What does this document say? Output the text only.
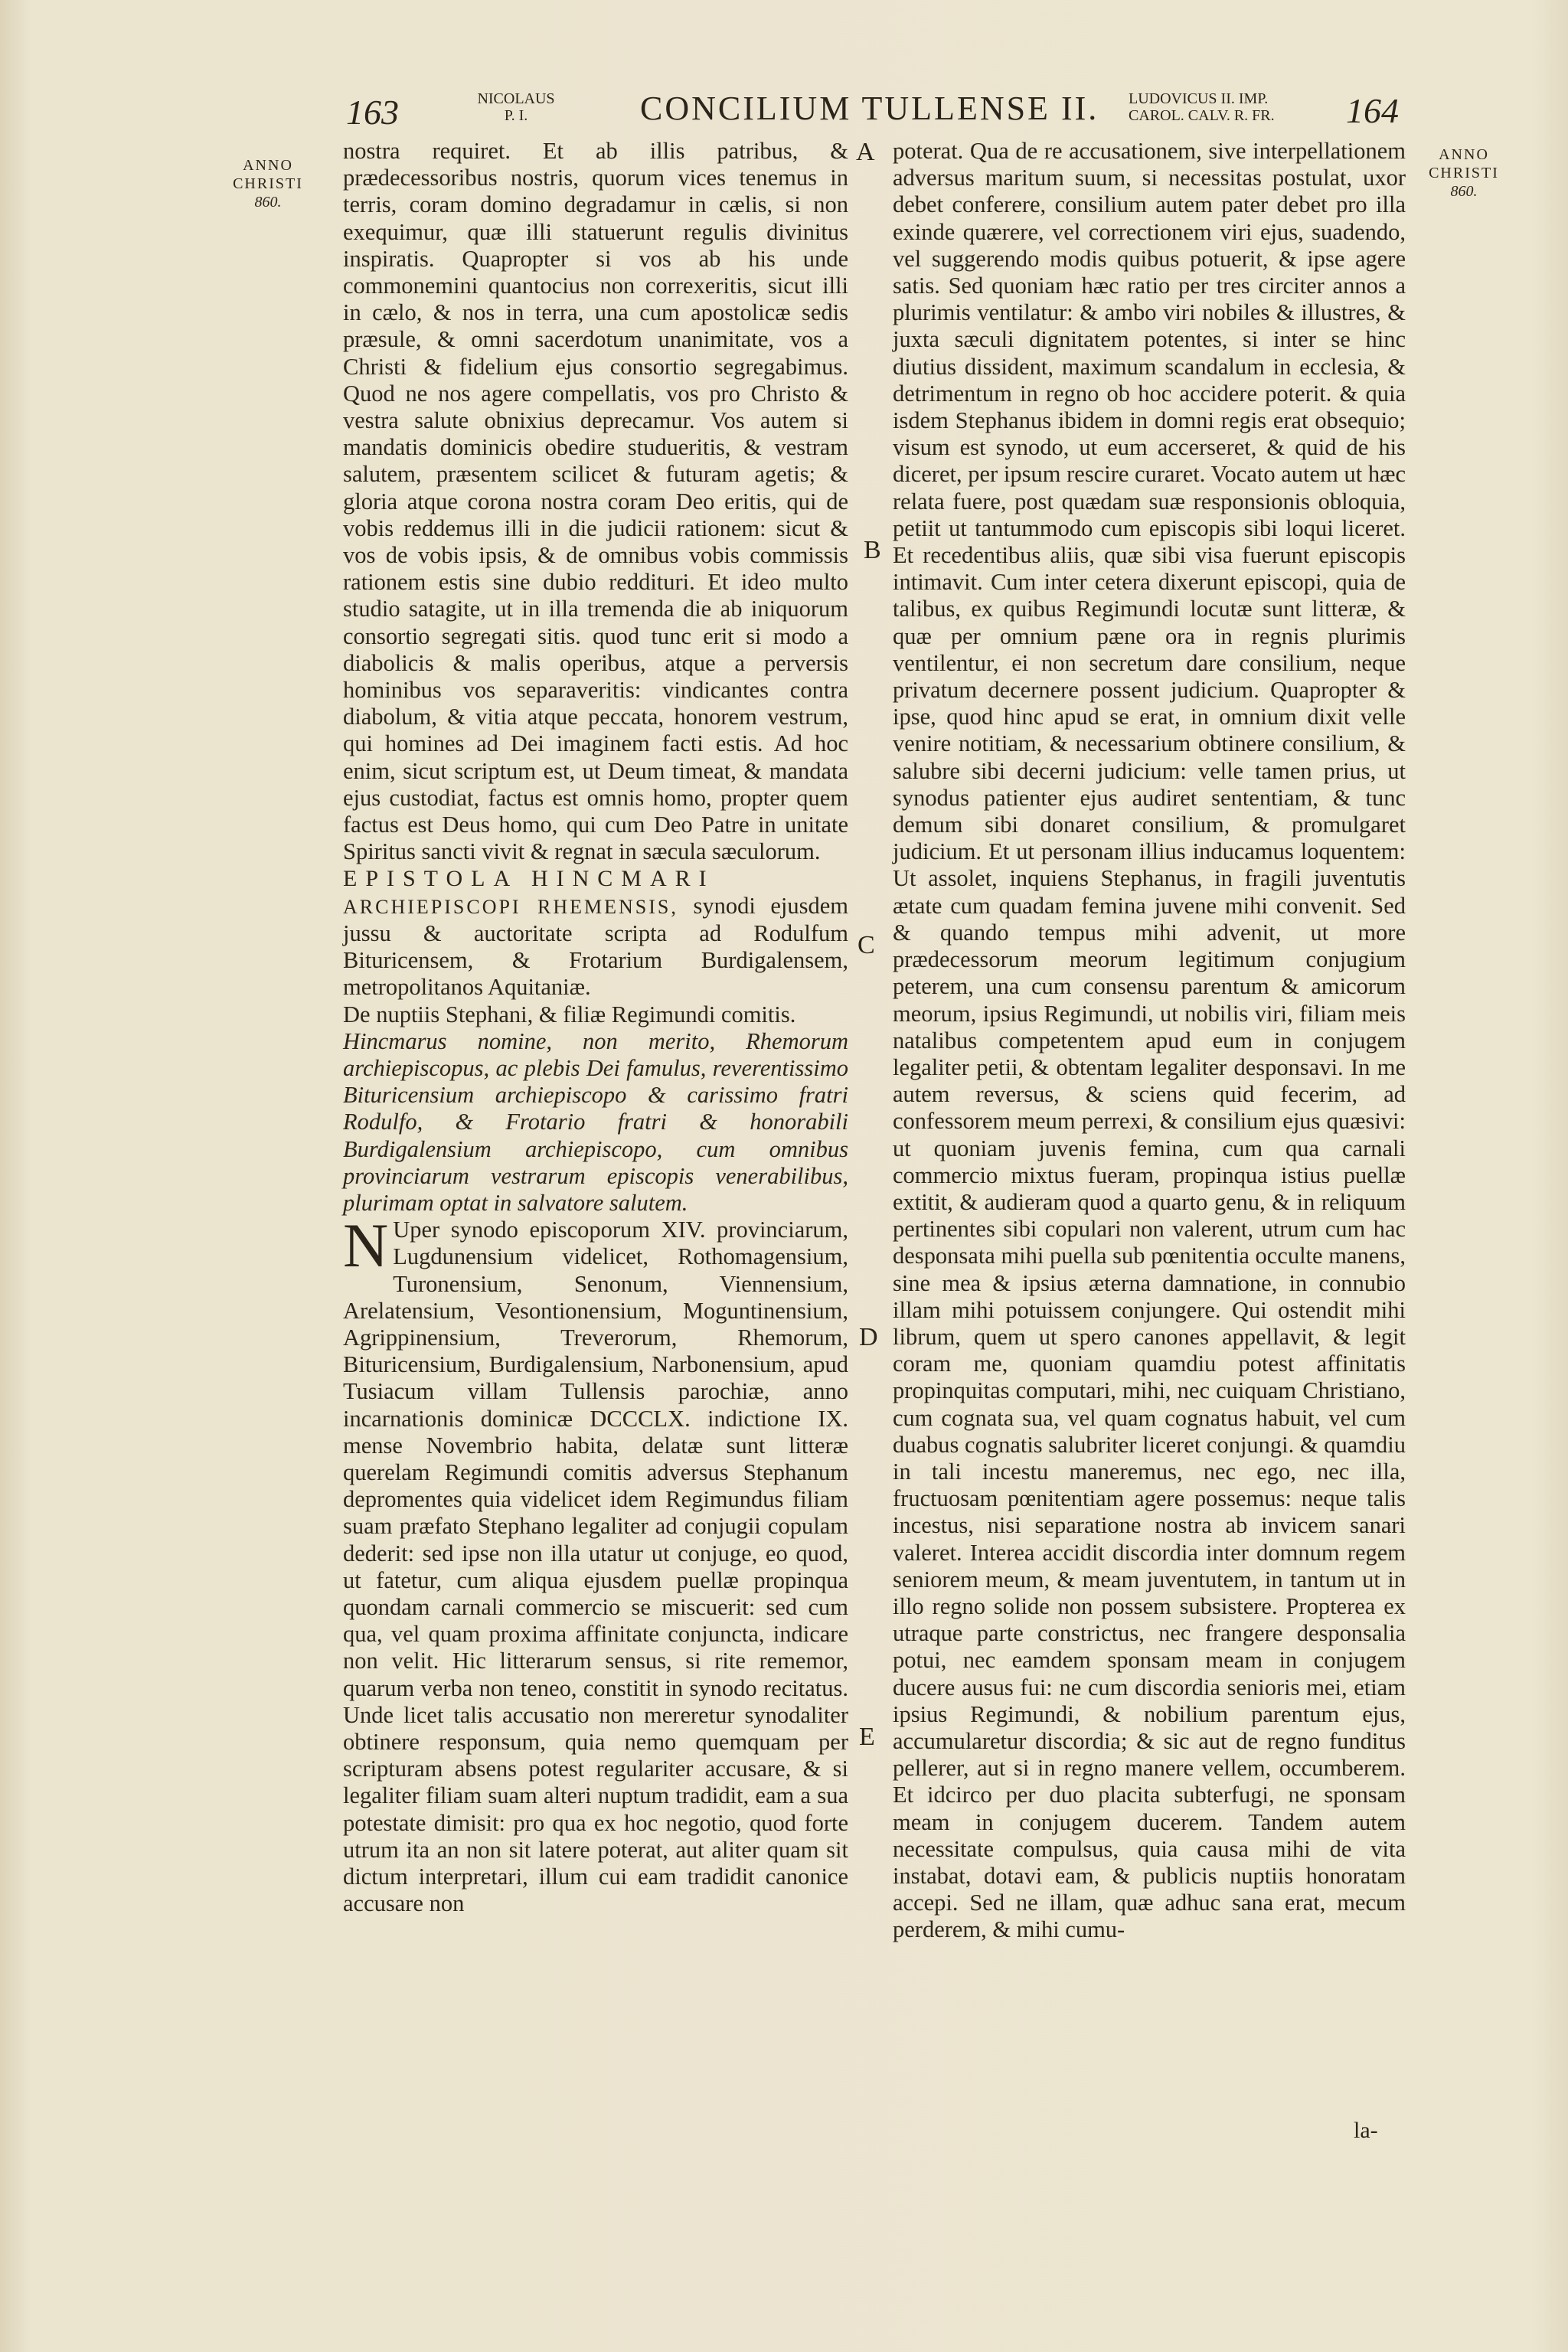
163	NICOLAUS
P. I.	CONCILIUM TULLENSE II. LUDOVICUS II. IMP.
CAROL. CALV. R. FR. 164
ANNO
CHRISTI
860.
ANNO
CHRISTI
860.
A
B
C
D
E

nostra requiret. Et ab illis patribus, & prædecessoribus nostris, quorum vices tenemus in terris, coram domino degradamur in cælis, si non exequimur, quæ illi statuerunt regulis divinitus inspiratis. Quapropter si vos ab his unde commonemini quantocius non correxeritis, sicut illi in cælo, & nos in terra, una cum apostolicæ sedis præsule, & omni sacerdotum unanimitate, vos a Christi & fidelium ejus consortio segregabimus. Quod ne nos agere compellatis, vos pro Christo & vestra salute obnixius deprecamur. Vos autem si mandatis dominicis obedire studueritis, & vestram salutem, præsentem scilicet & futuram agetis; & gloria atque corona nostra coram Deo eritis, qui de vobis reddemus illi in die judicii rationem: sicut & vos de vobis ipsis, & de omnibus vobis commissis rationem estis sine dubio reddituri. Et ideo multo studio satagite, ut in illa tremenda die ab iniquorum consortio segregati sitis. quod tunc erit si modo a diabolicis & malis operibus, atque a perversis hominibus vos separaveritis: vindicantes contra diabolum, & vitia atque peccata, honorem vestrum, qui homines ad Dei imaginem facti estis. Ad hoc enim, sicut scriptum est, ut Deum timeat, & mandata ejus custodiat, factus est omnis homo, propter quem factus est Deus homo, qui cum Deo Patre in unitate Spiritus sancti vivit & regnat in sæcula sæculorum.

EPISTOLA HINCMARI

ARCHIEPISCOPI RHEMENSIS, synodi ejusdem jussu & auctoritate scripta ad Rodulfum Bituricensem, & Frotarium Burdigalensem, metropolitanos Aquitaniæ.

De nuptiis Stephani, & filiæ Regimundi comitis.

Hincmarus nomine, non merito, Rhemorum archiepiscopus, ac plebis Dei famulus, reverentissimo Bituricensium archiepiscopo & carissimo fratri Rodulfo, & Frotario fratri & honorabili Burdigalensium archiepiscopo, cum omnibus provinciarum vestrarum episcopis venerabilibus, plurimam optat in salvatore salutem.

N Uper synodo episcoporum XIV. provinciarum, Lugdunensium videlicet, Rothomagensium, Turonensium, Senonum, Viennensium, Arelatensium, Vesontionensium, Moguntinensium, Agrippinensium, Treverorum, Rhemorum, Bituricensium, Burdigalensium, Narbonensium, apud Tusiacum villam Tullensis parochiæ, anno incarnationis dominicæ DCCCLX. indictione IX. mense Novembrio habita, delatæ sunt litteræ querelam Regimundi comitis adversus Stephanum depromentes quia videlicet idem Regimundus filiam suam præfato Stephano legaliter ad conjugii copulam dederit: sed ipse non illa utatur ut conjuge, eo quod, ut fatetur, cum aliqua ejusdem puellæ propinqua quondam carnali commercio se miscuerit: sed cum qua, vel quam proxima affinitate conjuncta, indicare non velit. Hic litterarum sensus, si rite rememor, quarum verba non teneo, constitit in synodo recitatus. Unde licet talis accusatio non mereretur synodaliter obtinere responsum, quia nemo quemquam per scripturam absens potest regulariter accusare, & si legaliter filiam suam alteri nuptum tradidit, eam a sua potestate dimisit: pro qua ex hoc negotio, quod forte utrum ita an non sit latere poterat, aut aliter quam sit dictum interpretari, illum cui eam tradidit canonice accusare non

poterat. Qua de re accusationem, sive interpellationem adversus maritum suum, si necessitas postulat, uxor debet conferere, consilium autem pater debet pro illa exinde quærere, vel correctionem viri ejus, suadendo, vel suggerendo modis quibus potuerit, & ipse agere satis. Sed quoniam hæc ratio per tres circiter annos a plurimis ventilatur: & ambo viri nobiles & illustres, & juxta sæculi dignitatem potentes, si inter se hinc diutius dissident, maximum scandalum in ecclesia, & detrimentum in regno ob hoc accidere poterit. & quia isdem Stephanus ibidem in domni regis erat obsequio; visum est synodo, ut eum accerseret, & quid de his diceret, per ipsum rescire curaret. Vocato autem ut hæc relata fuere, post quædam suæ responsionis obloquia, petiit ut tantummodo cum episcopis sibi loqui liceret. Et recedentibus aliis, quæ sibi visa fuerunt episcopis intimavit. Cum inter cetera dixerunt episcopi, quia de talibus, ex quibus Regimundi locutæ sunt litteræ, & quæ per omnium pæne ora in regnis plurimis ventilentur, ei non secretum dare consilium, neque privatum decernere possent judicium. Quapropter & ipse, quod hinc apud se erat, in omnium dixit velle venire notitiam, & necessarium obtinere consilium, & salubre sibi decerni judicium: velle tamen prius, ut synodus patienter ejus audiret sententiam, & tunc demum sibi donaret consilium, & promulgaret judicium. Et ut personam illius inducamus loquentem: Ut assolet, inquiens Stephanus, in fragili juventutis ætate cum quadam femina juvene mihi convenit. Sed & quando tempus mihi advenit, ut more prædecessorum meorum legitimum conjugium peterem, una cum consensu parentum & amicorum meorum, ipsius Regimundi, ut nobilis viri, filiam meis natalibus competentem apud eum in conjugem legaliter petii, & obtentam legaliter desponsavi. In me autem reversus, & sciens quid fecerim, ad confessorem meum perrexi, & consilium ejus quæsivi: ut quoniam juvenis femina, cum qua carnali commercio mixtus fueram, propinqua istius puellæ extitit, & audieram quod a quarto genu, & in reliquum pertinentes sibi copulari non valerent, utrum cum hac desponsata mihi puella sub pœnitentia occulte manens, sine mea & ipsius æterna damnatione, in connubio illam mihi potuissem conjungere. Qui ostendit mihi librum, quem ut spero canones appellavit, & legit coram me, quoniam quamdiu potest affinitatis propinquitas computari, mihi, nec cuiquam Christiano, cum cognata sua, vel quam cognatus habuit, vel cum duabus cognatis salubriter liceret conjungi. & quamdiu in tali incestu maneremus, nec ego, nec illa, fructuosam pœnitentiam agere possemus: neque talis incestus, nisi separatione nostra ab invicem sanari valeret. Interea accidit discordia inter domnum regem seniorem meum, & meam juventutem, in tantum ut in illo regno solide non possem subsistere. Propterea ex utraque parte constrictus, nec frangere desponsalia potui, nec eamdem sponsam meam in conjugem ducere ausus fui: ne cum discordia senioris mei, etiam ipsius Regimundi, & nobilium parentum ejus, accumularetur discordia; & sic aut de regno funditus pellerer, aut si in regno manere vellem, occumberem. Et idcirco per duo placita subterfugi, ne sponsam meam in conjugem ducerem. Tandem autem necessitate compulsus, quia causa mihi de vita instabat, dotavi eam, & publicis nuptiis honoratam accepi. Sed ne illam, quæ adhuc sana erat, mecum perderem, & mihi cumu-

la-
